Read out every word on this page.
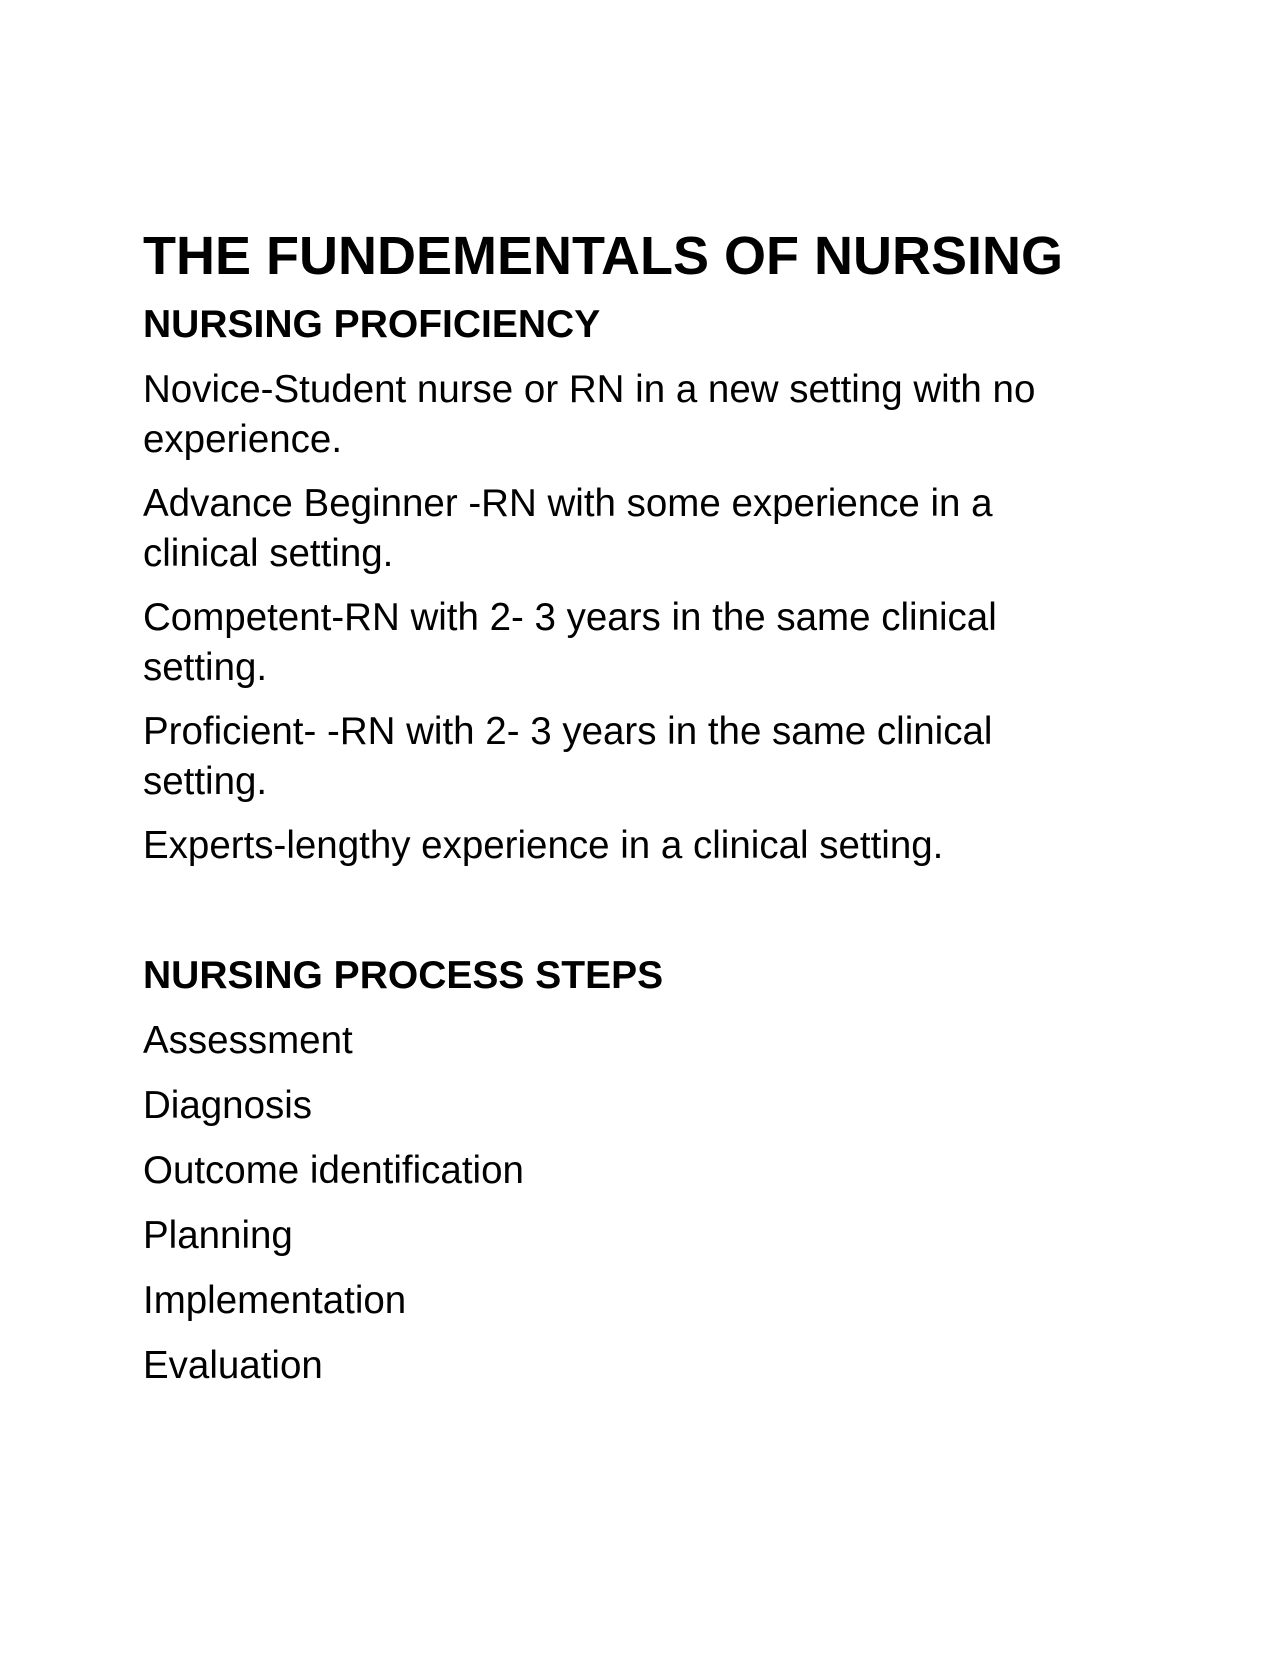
THE FUNDEMENTALS OF NURSING
NURSING PROFICIENCY

Novice-Student nurse or RN in a new setting with no experience.

Advance Beginner -RN with some experience in a clinical setting.

Competent-RN with 2- 3 years in the same clinical setting.

Proficient- -RN with 2- 3 years in the same clinical setting.

Experts-lengthy experience in a clinical setting.

NURSING PROCESS STEPS

Assessment

Diagnosis

Outcome identification

Planning

Implementation

Evaluation
